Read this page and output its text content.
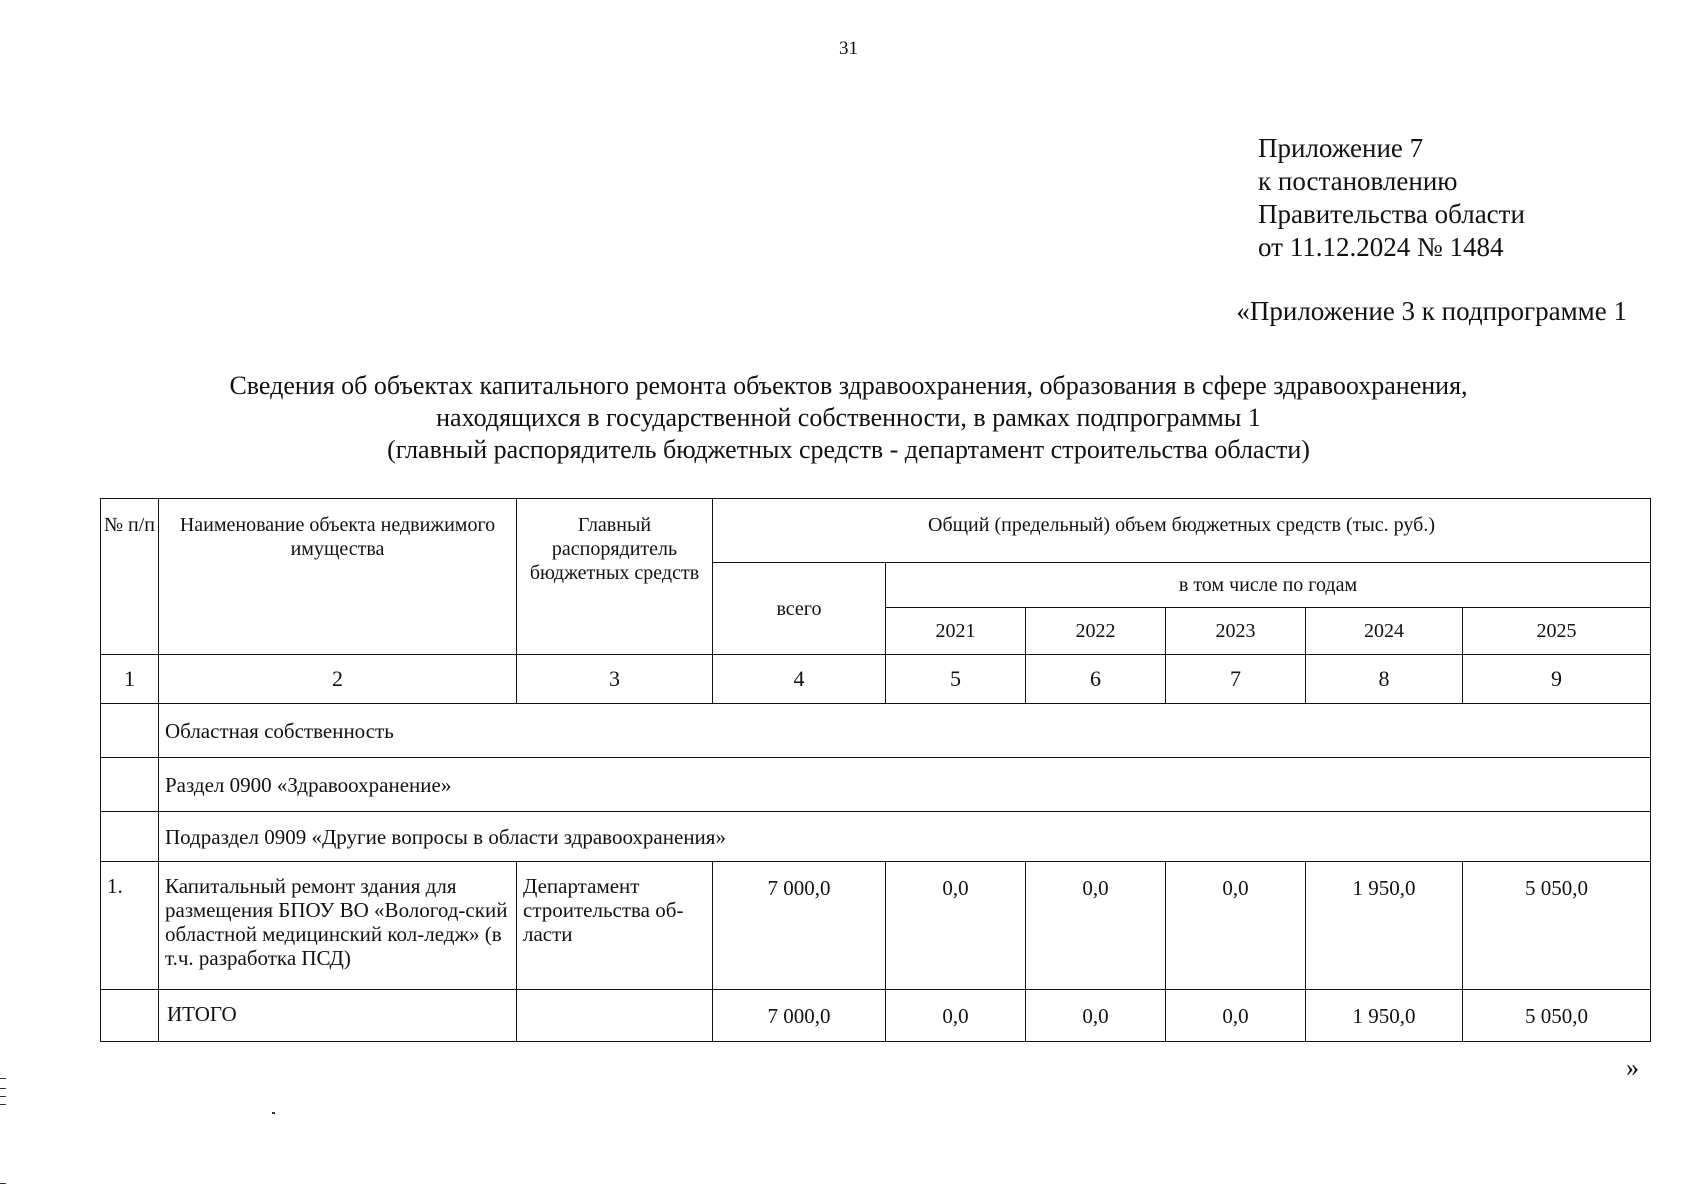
31
Приложение 7
к постановлению
Правительства области
от 11.12.2024 № 1484
«Приложение 3 к подпрограмме 1
Сведения об объектах капитального ремонта объектов здравоохранения, образования в сфере здравоохранения,
находящихся в государственной собственности, в рамках подпрограммы 1
(главный распорядитель бюджетных средств - департамент строительства области)
№ п/п	Наименование объекта недвижимого имущества	Главный распорядитель бюджетных средств	Общий (предельный) объем бюджетных средств (тыс. руб.)					
			всего	в том числе по годам				
				2021	2022	2023	2024	2025
1	2	3	4	5	6	7	8	9
	Областная собственность							
	Раздел 0900 «Здравоохранение»							
	Подраздел 0909 «Другие вопросы в области здравоохранения»							
1.	Капитальный ремонт здания для размещения БПОУ ВО «Вологод-ский областной медицинский кол-ледж» (в т.ч. разработка ПСД)	Департамент строительства об-ласти	7 000,0	0,0	0,0	0,0	1 950,0	5 050,0
	ИТОГО		7 000,0	0,0	0,0	0,0	1 950,0	5 050,0
»
